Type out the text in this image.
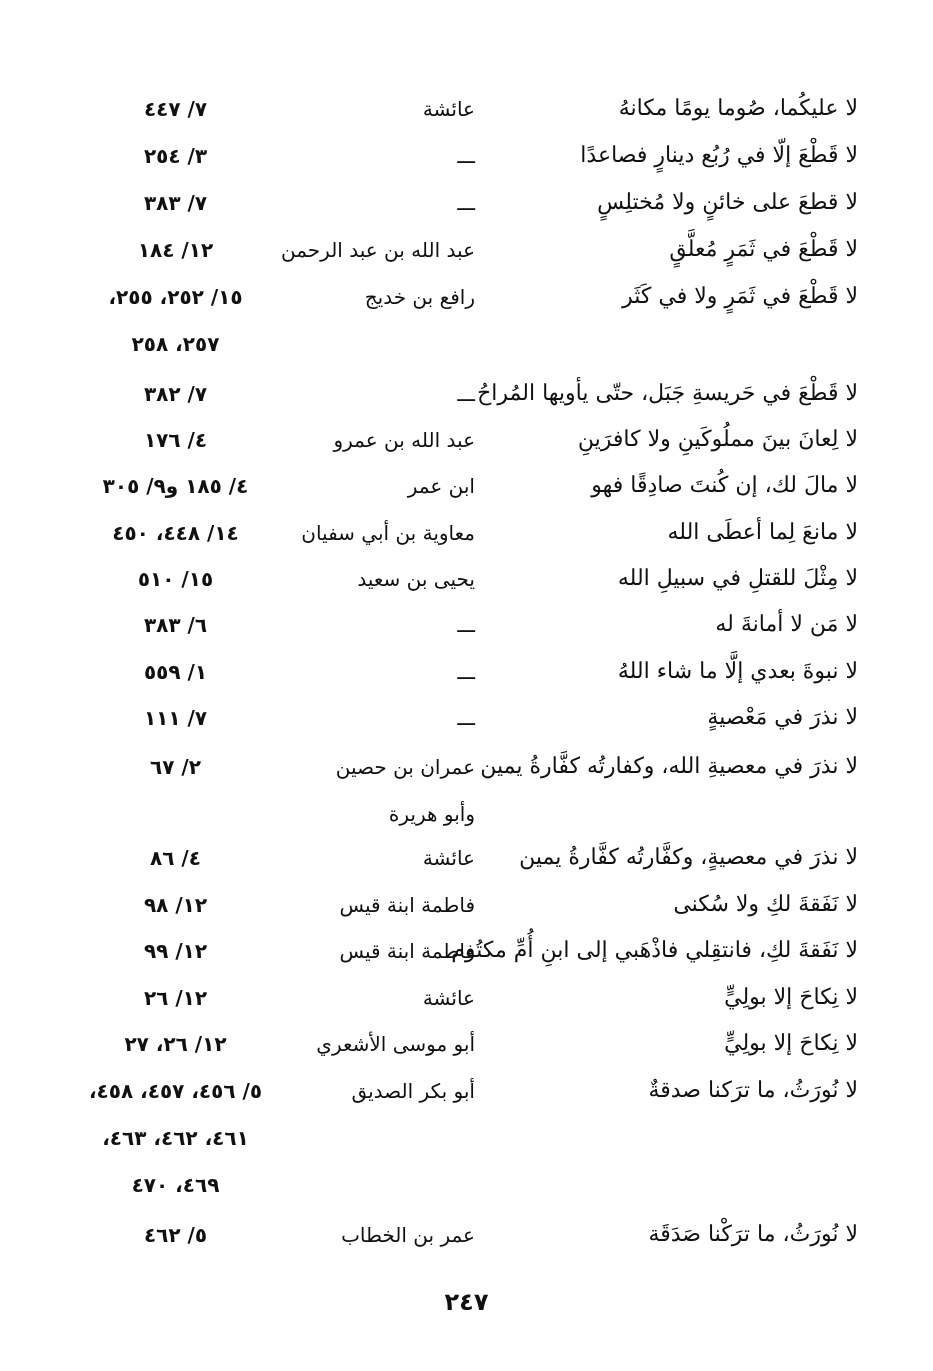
لا عليكُما، صُوما يومًا مكانهُ
عائشة
٧/ ٤٤٧
لا قَطْعَ إلّا في رُبُع دينارٍ فصاعدًا
ـــ
٣/ ٢٥٤
لا قطعَ على خائنٍ ولا مُختلِسٍ
ـــ
٧/ ٣٨٣
لا قَطْعَ في ثَمَرٍ مُعلَّقٍ
عبد الله بن عبد الرحمن
١٢/ ١٨٤
لا قَطْعَ في ثَمَرٍ ولا في كَثَر
رافع بن خديج
١٥/ ٢٥٢، ٢٥٥،
٢٥٧، ٢٥٨
لا قَطْعَ في حَريسةِ جَبَل، حتّى يأويها المُراحُ
ـــ
٧/ ٣٨٢
لا لِعانَ بينَ مملُوكَينِ ولا كافرَينِ
عبد الله بن عمرو
٤/ ١٧٦
لا مالَ لك، إن كُنتَ صادِقًا فهو
ابن عمر
٤/ ١٨٥ و٩/ ٣٠٥
لا مانعَ لِما أعطَى الله
معاوية بن أبي سفيان
١٤/ ٤٤٨، ٤٥٠
لا مِثْلَ للقتلِ في سبيلِ الله
يحيى بن سعيد
١٥/ ٥١٠
لا مَن لا أمانةَ له
ـــ
٦/ ٣٨٣
لا نبوةَ بعدي إلَّا ما شاء اللهُ
ـــ
١/ ٥٥٩
لا نذرَ في مَعْصيةٍ
ـــ
٧/ ١١١
لا نذرَ في معصيةِ الله، وكفارتُه كفَّارةُ يمين
عمران بن حصين
٢/ ٦٧
وأبو هريرة
لا نذرَ في معصيةٍ، وكفَّارتُه كفَّارةُ يمين
عائشة
٤/ ٨٦
لا نَفَقةَ لكِ ولا سُكنى
فاطمة ابنة قيس
١٢/ ٩٨
لا نَفَقةَ لكِ، فانتقِلي فاذْهَبي إلى ابنِ أُمِّ مكتُوم
فاطمة ابنة قيس
١٢/ ٩٩
لا نِكاحَ إلا بولِيٍّ
عائشة
١٢/ ٢٦
لا نِكاحَ إلا بولِيٍّ
أبو موسى الأشعري
١٢/ ٢٦، ٢٧
لا نُورَثُ، ما ترَكنا صدقةٌ
أبو بكر الصديق
٥/ ٤٥٦، ٤٥٧، ٤٥٨،
٤٦١، ٤٦٢، ٤٦٣،
٤٦٩، ٤٧٠
لا نُورَثُ، ما ترَكْنا صَدَقَة
عمر بن الخطاب
٥/ ٤٦٢
٢٤٧
